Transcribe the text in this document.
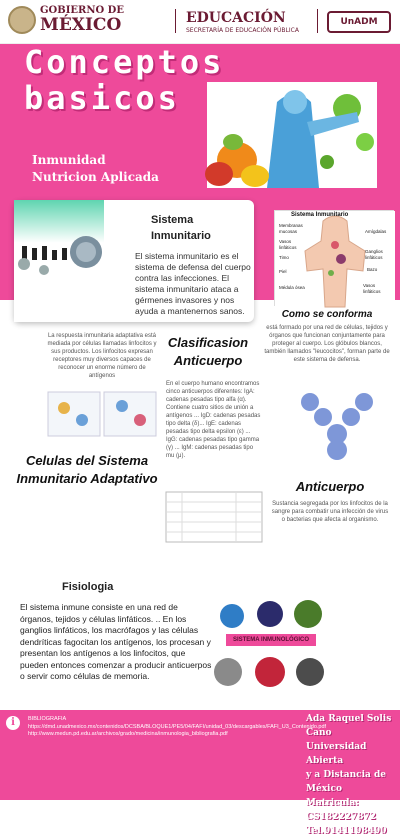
GOBIERNO DE
MÉXICO	EDUCACIÓN
SECRETARÍA DE EDUCACIÓN PÚBLICA
UnADM
Conceptos
basicos
Inmunidad
Nutricion Aplicada
Sistema Inmunitario
El sistema inmunitario es el sistema de defensa del cuerpo contra las infecciones. El sistema inmunitario ataca a gérmenes invasores y nos ayuda a mantenernos sanos.
Sistema Inmunitario
Membranas mucosas	Amígdalas
Vasos linfáticos
Ganglios linfáticos
Timo
Bazo
Piel
Médula ósea	Vasos linfáticos
Como se conforma
está formado por una red de células, tejidos y órganos que funcionan conjuntamente para proteger al cuerpo. Los glóbulos blancos, también llamados "leucocitos", forman parte de este sistema de defensa.
La respuesta inmunitaria adaptativa está mediada por células llamadas linfocitos y sus productos. Los linfocitos expresan receptores muy diversos capaces de reconocer un enorme número de antígenos
Clasificasion
Anticuerpo
En el cuerpo humano encontramos cinco anticuerpos diferentes: IgA: cadenas pesadas tipo alfa (α). Contiene cuatro sitios de unión a antígenos ... IgD: cadenas pesadas tipo delta (δ)... IgE: cadenas pesadas tipo delta epsilon (ε) ... IgG: cadenas pesadas tipo gamma (γ) ... IgM: cadenas pesadas tipo mu (μ).
Celulas del Sistema
Inmunitario Adaptativo
Anticuerpo
Sustancia segregada por los linfocitos de la sangre para combatir una infección de virus o bacterias que afecta al organismo.
Fisiologia
El sistema inmune consiste en una red de órganos, tejidos y células linfáticos. .. En los ganglios linfáticos, los macrófagos y las células dendríticas fagocitan los antígenos, los procesan y presentan los antígenos a los linfocitos, que pueden entonces comenzar a producir anticuerpos o servir como células de memoria.
SISTEMA INMUNOLÓGICO
i	BIBLIOGRAFIA
https://dmd.unadmexico.mx/contenidos/DCSBA/BLOQUE1/PE5/04/FAFI/unidad_03/descargables/FAFI_U3_Contenido.pdf
http://www.medun.pd.edu.ar/archivos/grado/medicina/inmunologia_bibliografia.pdf
Ada Raquel Solis Cano
Universidad Abierta
y a Distancia de México
Matricula:
CS182227872
Tel.9141198490
